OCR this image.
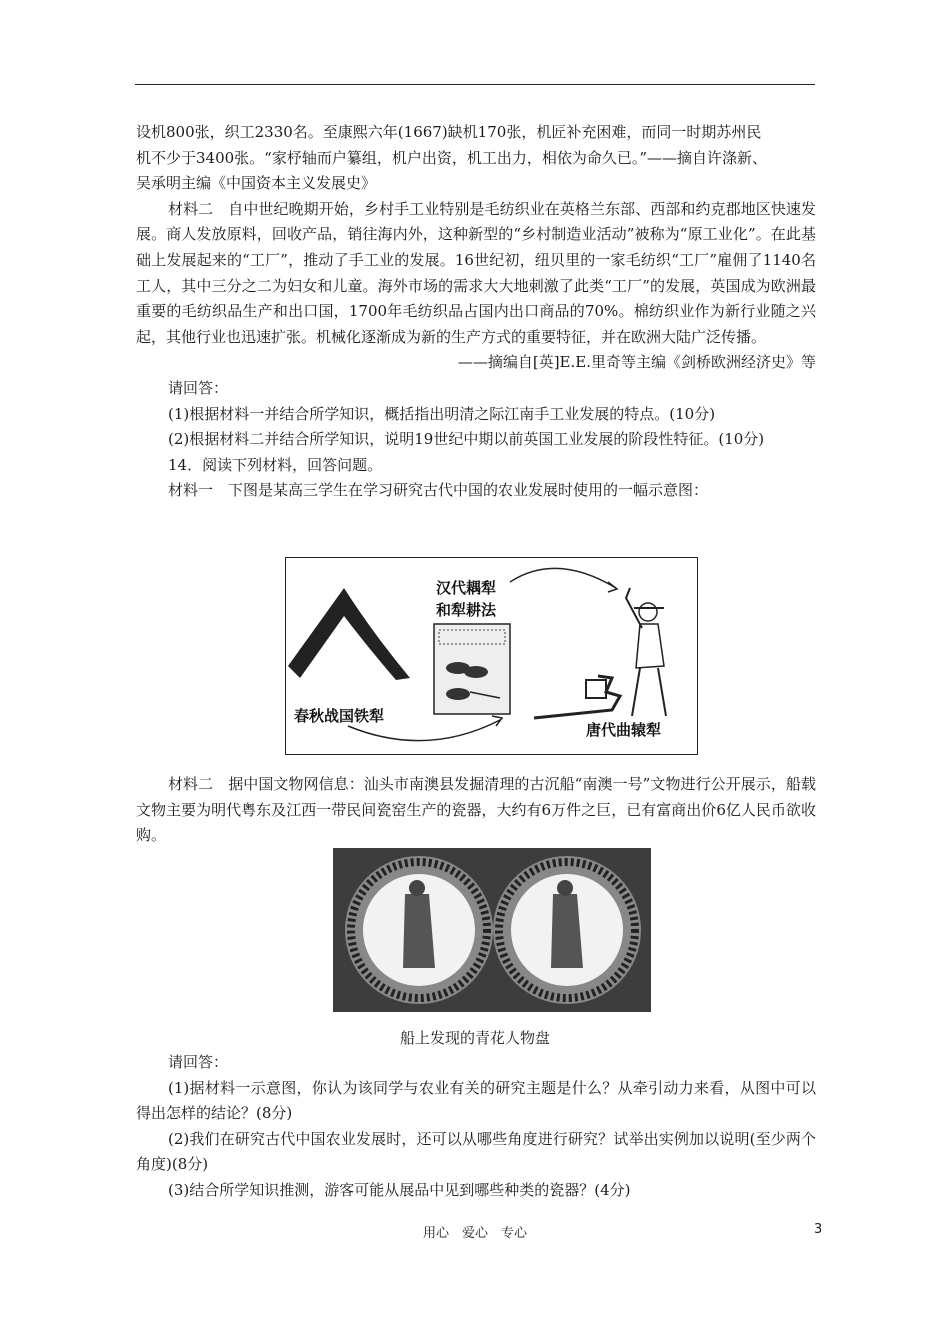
设机800张，织工2330名。至康熙六年(1667)缺机170张，机匠补充困难，而同一时期苏州民

机不少于3400张。“家杼轴而户纂组，机户出资，机工出力，相依为命久已。”——摘自许涤新、

吴承明主编《中国资本主义发展史》

材料二　自中世纪晚期开始，乡村手工业特别是毛纺织业在英格兰东部、西部和约克郡地区快速发展。商人发放原料，回收产品，销往海内外，这种新型的“乡村制造业活动”被称为“原工业化”。在此基础上发展起来的“工厂”，推动了手工业的发展。16世纪初，纽贝里的一家毛纺织“工厂”雇佣了1140名工人，其中三分之二为妇女和儿童。海外市场的需求大大地刺激了此类“工厂”的发展，英国成为欧洲最重要的毛纺织品生产和出口国，1700年毛纺织品占国内出口商品的70%。棉纺织业作为新行业随之兴起，其他行业也迅速扩张。机械化逐渐成为新的生产方式的重要特征，并在欧洲大陆广泛传播。

——摘编自[英]E.E.里奇等主编《剑桥欧洲经济史》等

请回答：

(1)根据材料一并结合所学知识，概括指出明清之际江南手工业发展的特点。(10分)

(2)根据材料二并结合所学知识，说明19世纪中期以前英国工业发展的阶段性特征。(10分)

14．阅读下列材料，回答问题。

材料一　下图是某高三学生在学习研究古代中国的农业发展时使用的一幅示意图：

春秋战国铁犁
汉代耦犁
和犁耕法
唐代曲辕犁

材料二　据中国文物网信息：汕头市南澳县发掘清理的古沉船“南澳一号”文物进行公开展示，船载文物主要为明代粤东及江西一带民间瓷窑生产的瓷器，大约有6万件之巨，已有富商出价6亿人民币欲收购。

船上发现的青花人物盘

请回答：

(1)据材料一示意图，你认为该同学与农业有关的研究主题是什么？从牵引动力来看，从图中可以得出怎样的结论？(8分)

(2)我们在研究古代中国农业发展时，还可以从哪些角度进行研究？试举出实例加以说明(至少两个角度)(8分)

(3)结合所学知识推测，游客可能从展品中见到哪些种类的瓷器？(4分)

用心　爱心　专心	3
